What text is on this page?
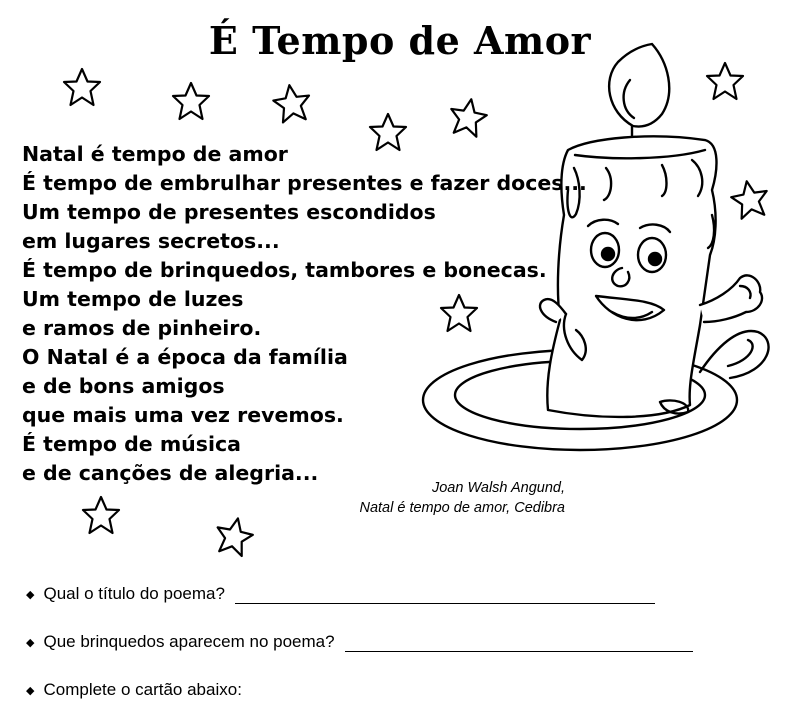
É Tempo de Amor
Natal é tempo de amor
É tempo de embrulhar presentes e fazer doces...
Um tempo de presentes escondidos
em lugares secretos...
É tempo de brinquedos, tambores e bonecas.
Um tempo de luzes
e ramos de pinheiro.
O Natal é a época da família
e de bons amigos
que mais uma vez revemos.
É tempo de música
e de canções de alegria...
Joan Walsh Angund,
Natal é tempo de amor, Cedibra
◆ Qual o título do poema?
◆ Que brinquedos aparecem no poema?
◆ Complete o cartão abaixo:
